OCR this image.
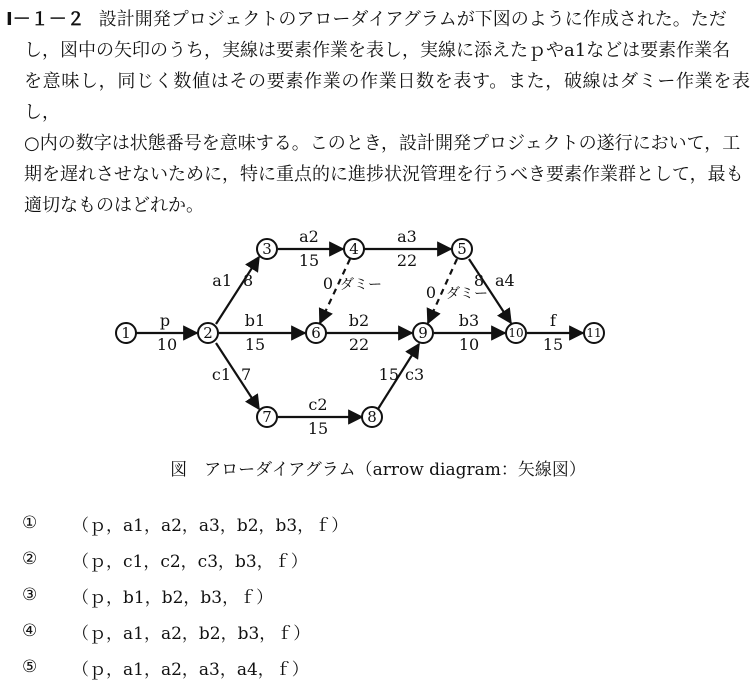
Ⅰ－１－２ 設計開発プロジェクトのアローダイアグラムが下図のように作成された。ただ
し，図中の矢印のうち，実線は要素作業を表し，実線に添えたｐやa1などは要素作業名
を意味し，同じく数値はその要素作業の作業日数を表す。また，破線はダミー作業を表し，
○内の数字は状態番号を意味する。このとき，設計開発プロジェクトの遂行において，工
期を遅れさせないために，特に重点的に進捗状況管理を行うべき要素作業群として，最も
適切なものはどれか。
1	2
3	4	5
6
7	8
9	10	11
p
10
a1 8
a2
15
a3
22
8 a4
b1
15
b2
22
b3
10
c1 7
c2
15
15 c3
f
15
0 ダミー	0 ダミー
図　アローダイアグラム（arrow diagram：矢線図）
①	（ｐ，a1，a2，a3，b2，b3，ｆ）
②	（ｐ，c1，c2，c3，b3，ｆ）
③	（ｐ，b1，b2，b3，ｆ）
④	（ｐ，a1，a2，b2，b3，ｆ）
⑤	（ｐ，a1，a2，a3，a4，ｆ）
